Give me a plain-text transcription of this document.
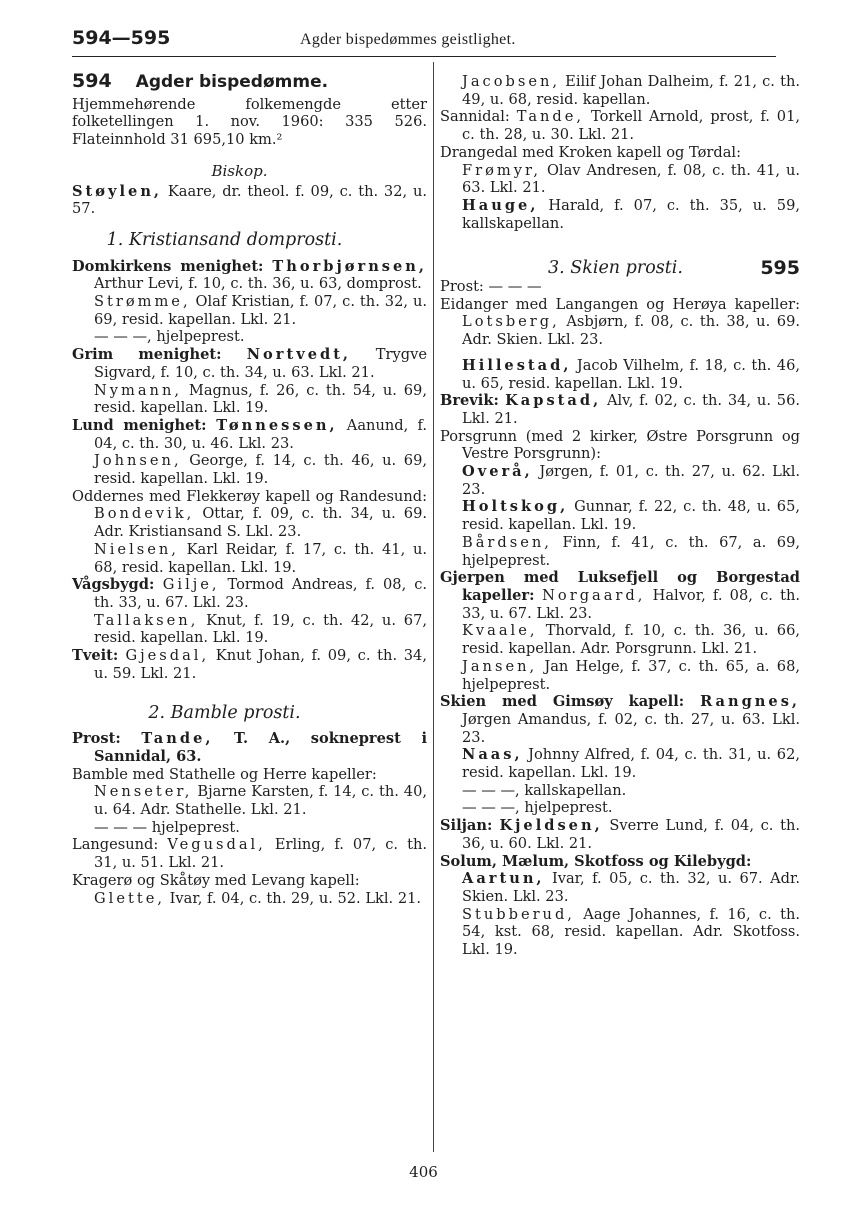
594—595	Agder bispedømmes geistlighet.

594 Agder bispedømme.

Hjemmehørende folkemengde etter folketellingen 1. nov. 1960: 335 526. Flateinnhold 31 695,10 km.²

Biskop.

Støylen, Kaare, dr. theol. f. 09, c. th. 32, u. 57.

1. Kristiansand domprosti.

Domkirkens menighet: Thorbjørnsen, Arthur Levi, f. 10, c. th. 36, u. 63, domprost.

Strømme, Olaf Kristian, f. 07, c. th. 32, u. 69, resid. kapellan. Lkl. 21.

— — —, hjelpeprest.

Grim menighet: Nortvedt, Trygve Sigvard, f. 10, c. th. 34, u. 63. Lkl. 21.

Nymann, Magnus, f. 26, c. th. 54, u. 69, resid. kapellan. Lkl. 19.

Lund menighet: Tønnessen, Aanund, f. 04, c. th. 30, u. 46. Lkl. 23.

Johnsen, George, f. 14, c. th. 46, u. 69, resid. kapellan. Lkl. 19.

Oddernes med Flekkerøy kapell og Randesund: Bondevik, Ottar, f. 09, c. th. 34, u. 69. Adr. Kristiansand S. Lkl. 23.

Nielsen, Karl Reidar, f. 17, c. th. 41, u. 68, resid. kapellan. Lkl. 19.

Vågsbygd: Gilje, Tormod Andreas, f. 08, c. th. 33, u. 67. Lkl. 23.

Tallaksen, Knut, f. 19, c. th. 42, u. 67, resid. kapellan. Lkl. 19.

Tveit: Gjesdal, Knut Johan, f. 09, c. th. 34, u. 59. Lkl. 21.

2. Bamble prosti.

Prost: Tande, T. A., sokneprest i Sannidal, 63.

Bamble med Stathelle og Herre kapeller:

Nenseter, Bjarne Karsten, f. 14, c. th. 40, u. 64. Adr. Stathelle. Lkl. 21.

— — — hjelpeprest.

Langesund: Vegusdal, Erling, f. 07, c. th. 31, u. 51. Lkl. 21.

Kragerø og Skåtøy med Levang kapell:

Glette, Ivar, f. 04, c. th. 29, u. 52. Lkl. 21.

Jacobsen, Eilif Johan Dalheim, f. 21, c. th. 49, u. 68, resid. kapellan.

Sannidal: Tande, Torkell Arnold, prost, f. 01, c. th. 28, u. 30. Lkl. 21.

Drangedal med Kroken kapell og Tørdal:

Frømyr, Olav Andresen, f. 08, c. th. 41, u. 63. Lkl. 21.

Hauge, Harald, f. 07, c. th. 35, u. 59, kallskapellan.

3. Skien prosti.	595

Prost: — — —

Eidanger med Langangen og Herøya kapeller: Lotsberg, Asbjørn, f. 08, c. th. 38, u. 69. Adr. Skien. Lkl. 23.

Hillestad, Jacob Vilhelm, f. 18, c. th. 46, u. 65, resid. kapellan. Lkl. 19.

Brevik: Kapstad, Alv, f. 02, c. th. 34, u. 56. Lkl. 21.

Porsgrunn (med 2 kirker, Østre Porsgrunn og Vestre Porsgrunn):

Overå, Jørgen, f. 01, c. th. 27, u. 62. Lkl. 23.

Holtskog, Gunnar, f. 22, c. th. 48, u. 65, resid. kapellan. Lkl. 19.

Bårdsen, Finn, f. 41, c. th. 67, a. 69, hjelpeprest.

Gjerpen med Luksefjell og Borgestad kapeller: Norgaard, Halvor, f. 08, c. th. 33, u. 67. Lkl. 23.

Kvaale, Thorvald, f. 10, c. th. 36, u. 66, resid. kapellan. Adr. Porsgrunn. Lkl. 21.

Jansen, Jan Helge, f. 37, c. th. 65, a. 68, hjelpeprest.

Skien med Gimsøy kapell: Rangnes, Jørgen Amandus, f. 02, c. th. 27, u. 63. Lkl. 23.

Naas, Johnny Alfred, f. 04, c. th. 31, u. 62, resid. kapellan. Lkl. 19.

— — —, kallskapellan.

— — —, hjelpeprest.

Siljan: Kjeldsen, Sverre Lund, f. 04, c. th. 36, u. 60. Lkl. 21.

Solum, Mælum, Skotfoss og Kilebygd:

Aartun, Ivar, f. 05, c. th. 32, u. 67. Adr. Skien. Lkl. 23.

Stubberud, Aage Johannes, f. 16, c. th. 54, kst. 68, resid. kapellan. Adr. Skotfoss. Lkl. 19.

406
